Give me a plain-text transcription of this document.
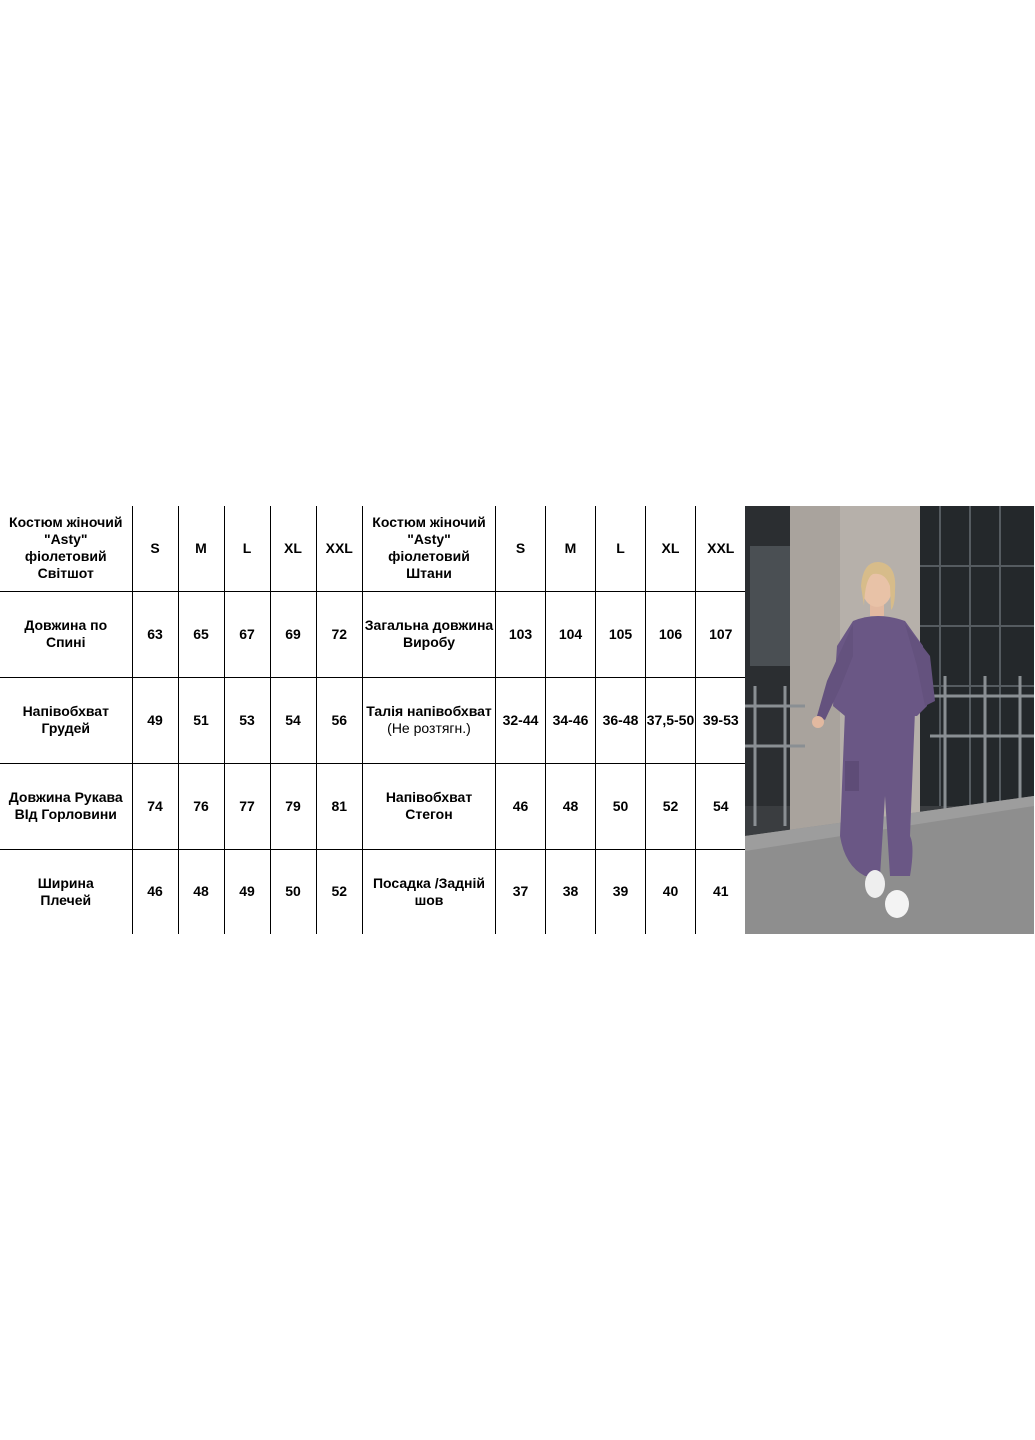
Костюм жіночий
"Asty"
фіолетовий
Світшот	S	M	L	XL	XXL
Довжина по
Спині	63	65	67	69	72
Напівобхват
Грудей	49	51	53	54	56
Довжина Рукава
ВІд Горловини	74	76	77	79	81
Ширина
Плечей	46	48	49	50	52
Костюм жіночий
"Asty"
фіолетовий
Штани	S	M	L	XL	XXL
Загальна довжина
Виробу	103	104	105	106	107
Талія напівобхват
(Не розтягн.)	32-44	34-46	36-48	37,5-50	39-53
Напівобхват
Стегон	46	48	50	52	54
Посадка /Задній
шов	37	38	39	40	41
